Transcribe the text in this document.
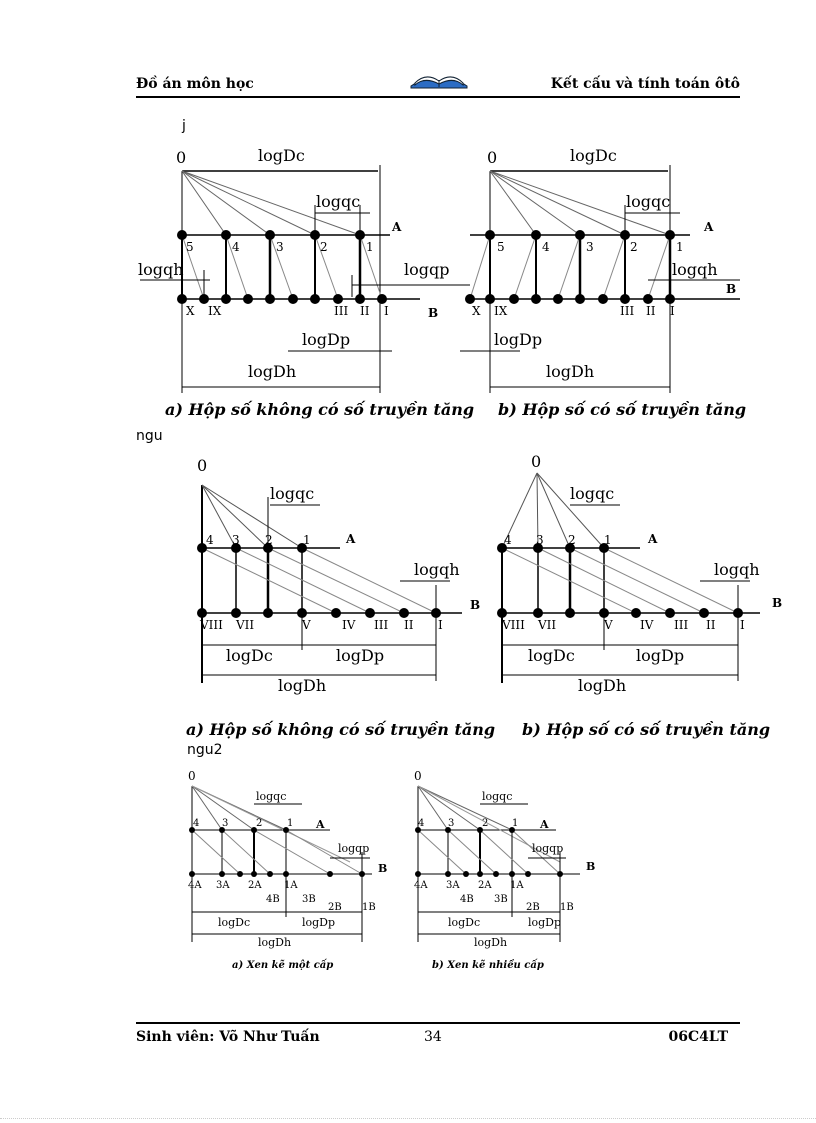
Đồ án môn học	Kết cấu và tính toán ôtô
j
ngu
ngu2
0	logDc
logqc
A
logqh	logqp
B
logDp
logDh
0	logDc
logqc
A
logqh
B
logDp
logDh
5	4	3	2	1
X IX	III II I
5	4	3	2	1
X IX	III II I
a) Hộp số không có số truyền tăng b) Hộp số có số truyền tăng
0
logqc
A
logqh
B
logDc	logDp
logDh
0
logqc
A
logqh
B
logDc	logDp
logDh
4 3 2	1
VIII VII	V	IV III II I
4 3 2 1
VIII VII	V IV III II I
a) Hộp số không có số truyền tăng b) Hộp số có số truyền tăng
0
logqc
A
logqp
B
logDc	logDp
logDh
0
logqc
A
logqp
B
logDc	logDp
logDh
4 3	2 1
4A 3A 2A 1A
2B 1B
4B 3B
4 3	2 1
4A 3A 2A 1A
2B 1B
4B 3B
a) Xen kẽ một cấp	b) Xen kẽ nhiều cấp
Sinh viên: Võ Như Tuấn	34	06C4LT
